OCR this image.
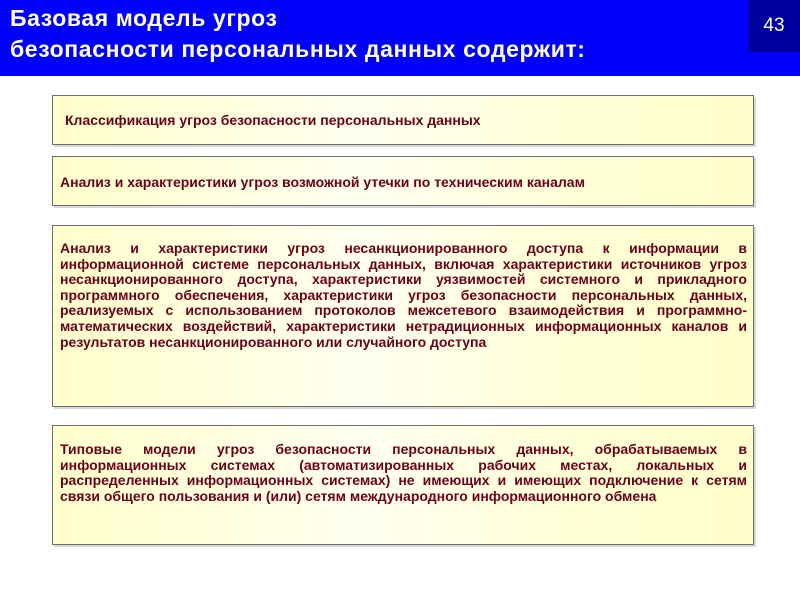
Базовая модель угроз
безопасности персональных данных содержит:
43
Классификация угроз безопасности персональных данных
Анализ и характеристики угроз возможной утечки по техническим каналам
Анализ и характеристики угроз несанкционированного доступа к информации в информационной системе персональных данных, включая характеристики источников угроз несанкционированного доступа, характеристики уязвимостей системного и прикладного программного обеспечения, характеристики угроз безопасности персональных данных, реализуемых с использованием протоколов межсетевого взаимодействия и программно-математических воздействий, характеристики нетрадиционных информационных каналов и результатов несанкционированного или случайного доступа
Типовые модели угроз безопасности персональных данных, обрабатываемых в информационных системах (автоматизированных рабочих местах, локальных и распределенных информационных системах) не имеющих и имеющих подключение к сетям связи общего пользования и (или) сетям международного информационного обмена
